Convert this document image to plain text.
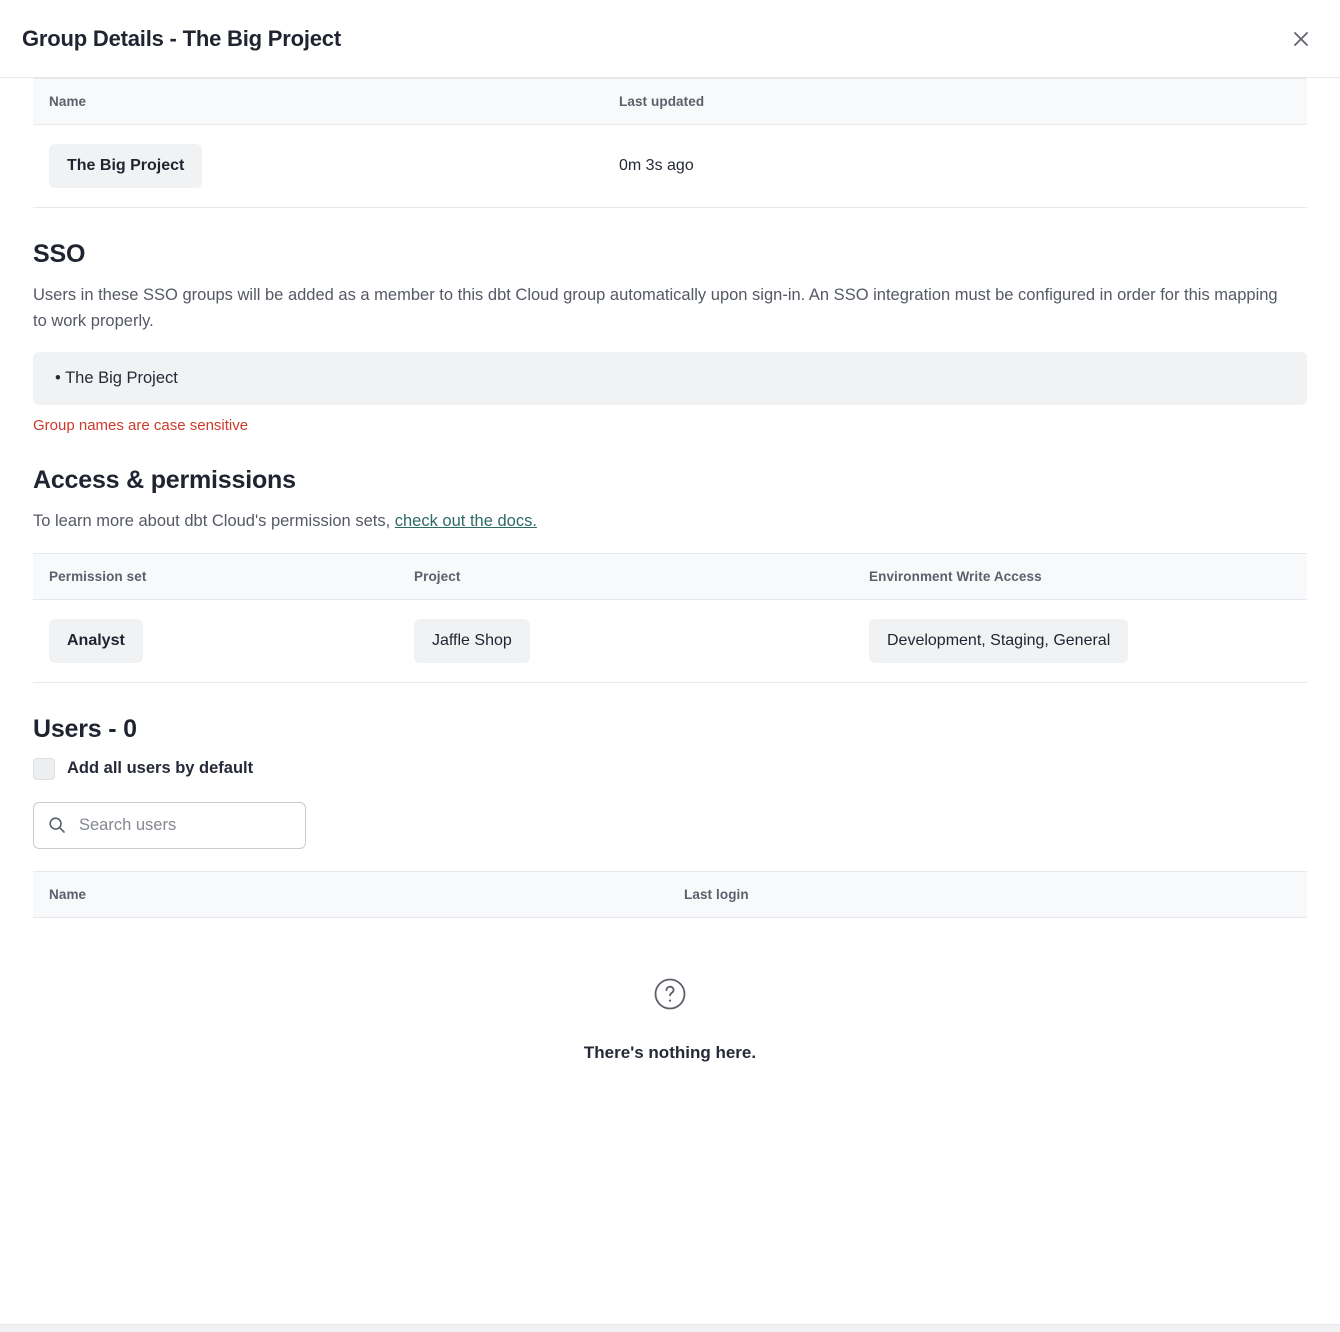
Group Details - The Big Project
Name	Last updated
The Big Project	0m 3s ago
SSO

Users in these SSO groups will be added as a member to this dbt Cloud group automatically upon sign-in. An SSO integration must be configured in order for this mapping to work properly.

• The Big Project

Group names are case sensitive

Access & permissions

To learn more about dbt Cloud's permission sets, check out the docs.

Permission set	Project	Environment Write Access
Analyst	Jaffle Shop	Development, Staging, General
Users - 0
Add all users by default
Search users
Name	Last login
There's nothing here.
